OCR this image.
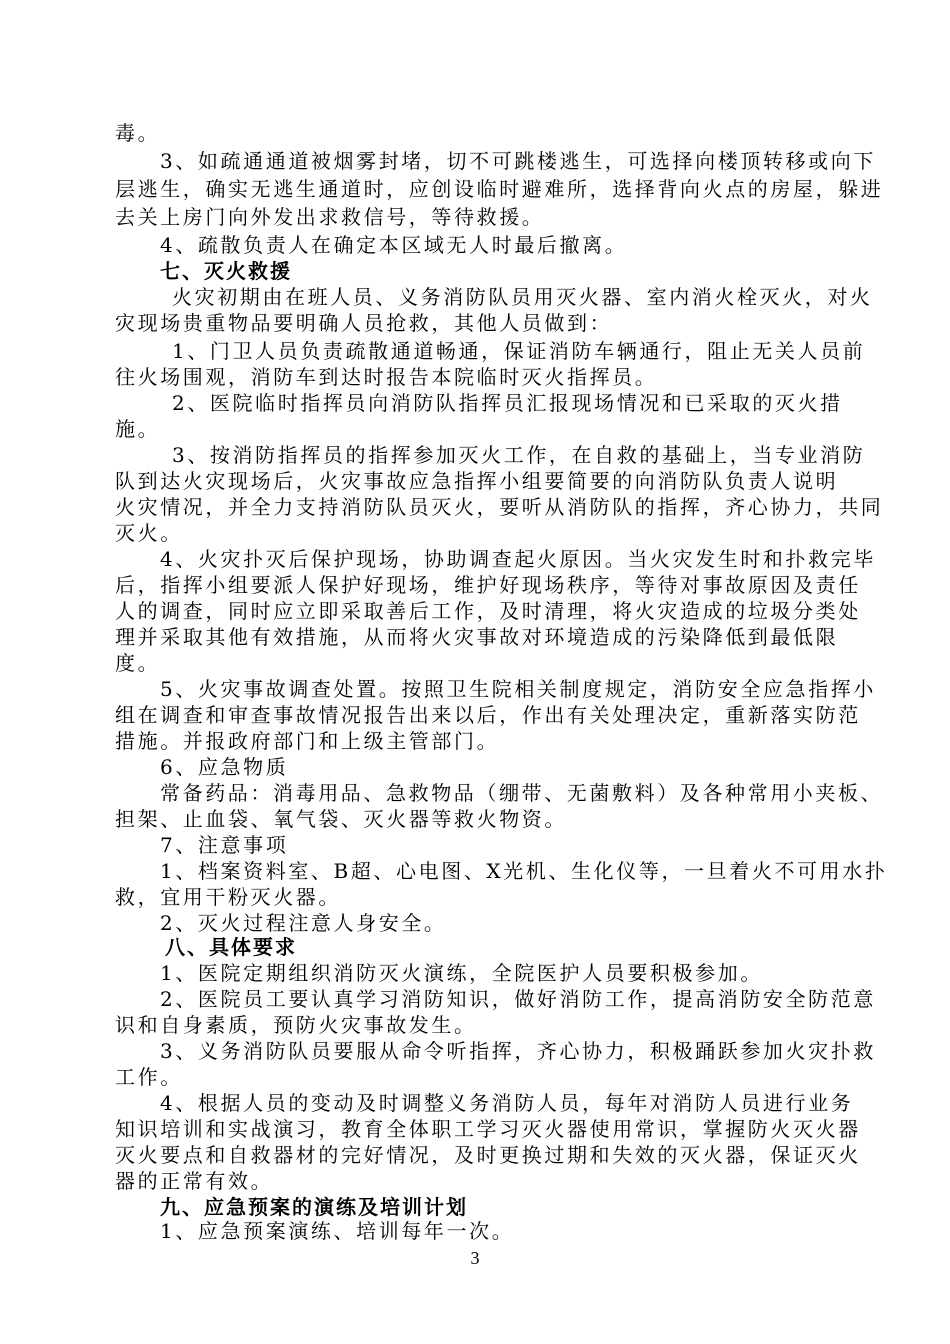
毒。
3、如疏通通道被烟雾封堵，切不可跳楼逃生，可选择向楼顶转移或向下
层逃生，确实无逃生通道时，应创设临时避难所，选择背向火点的房屋，躲进
去关上房门向外发出求救信号，等待救援。
4、疏散负责人在确定本区域无人时最后撤离。
七、灭火救援
火灾初期由在班人员、义务消防队员用灭火器、室内消火栓灭火，对火
灾现场贵重物品要明确人员抢救，其他人员做到：
1、门卫人员负责疏散通道畅通，保证消防车辆通行，阻止无关人员前
往火场围观，消防车到达时报告本院临时灭火指挥员。
2、医院临时指挥员向消防队指挥员汇报现场情况和已采取的灭火措
施。
3、按消防指挥员的指挥参加灭火工作，在自救的基础上，当专业消防
队到达火灾现场后，火灾事故应急指挥小组要简要的向消防队负责人说明
火灾情况，并全力支持消防队员灭火，要听从消防队的指挥，齐心协力，共同
灭火。
4、火灾扑灭后保护现场，协助调查起火原因。当火灾发生时和扑救完毕
后，指挥小组要派人保护好现场，维护好现场秩序，等待对事故原因及责任
人的调查，同时应立即采取善后工作，及时清理，将火灾造成的垃圾分类处
理并采取其他有效措施，从而将火灾事故对环境造成的污染降低到最低限
度。
5、火灾事故调查处置。按照卫生院相关制度规定，消防安全应急指挥小
组在调查和审查事故情况报告出来以后，作出有关处理决定，重新落实防范
措施。并报政府部门和上级主管部门。
6、应急物质
常备药品：消毒用品、急救物品（绷带、无菌敷料）及各种常用小夹板、
担架、止血袋、氧气袋、灭火器等救火物资。
7、注意事项
1、档案资料室、B超、心电图、X光机、生化仪等，一旦着火不可用水扑
救，宜用干粉灭火器。
2、灭火过程注意人身安全。
八、具体要求
1、医院定期组织消防灭火演练，全院医护人员要积极参加。
2、医院员工要认真学习消防知识，做好消防工作，提高消防安全防范意
识和自身素质，预防火灾事故发生。
3、义务消防队员要服从命令听指挥，齐心协力，积极踊跃参加火灾扑救
工作。
4、根据人员的变动及时调整义务消防人员，每年对消防人员进行业务
知识培训和实战演习，教育全体职工学习灭火器使用常识，掌握防火灭火器
灭火要点和自救器材的完好情况，及时更换过期和失效的灭火器，保证灭火
器的正常有效。
九、应急预案的演练及培训计划
1、应急预案演练、培训每年一次。
3
